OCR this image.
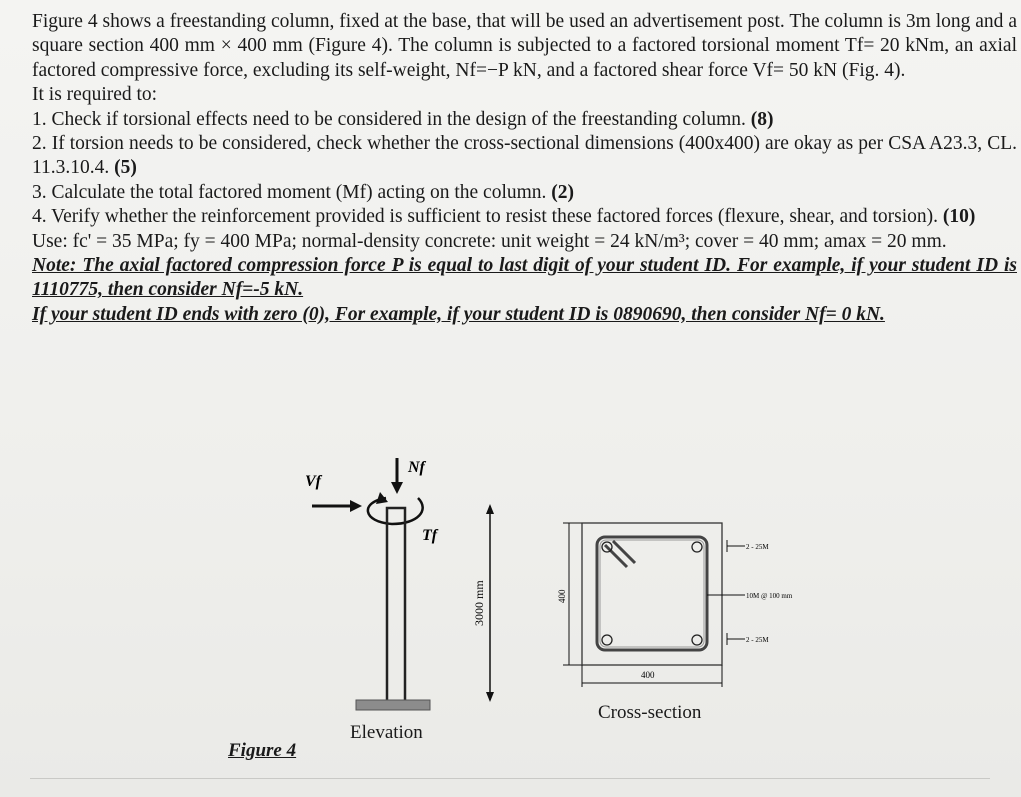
Figure 4 shows a freestanding column, fixed at the base, that will be used an advertisement post. The column is 3m long and a square section 400 mm × 400 mm (Figure 4). The column is subjected to a factored torsional moment Tf= 20 kNm, an axial factored compressive force, excluding its self-weight, Nf=−P kN, and a factored shear force Vf= 50 kN (Fig. 4).

It is required to:

1. Check if torsional effects need to be considered in the design of the freestanding column. (8)

2. If torsion needs to be considered, check whether the cross-sectional dimensions (400x400) are okay as per CSA A23.3, CL. 11.3.10.4. (5)

3. Calculate the total factored moment (Mf) acting on the column. (2)

4. Verify whether the reinforcement provided is sufficient to resist these factored forces (flexure, shear, and torsion). (10)

Use: fc' = 35 MPa; fy = 400 MPa; normal-density concrete: unit weight = 24 kN/m³; cover = 40 mm; amax = 20 mm.

Note: The axial factored compression force P is equal to last digit of your student ID. For example, if your student ID is 1110775, then consider Nf=-5 kN.

If your student ID ends with zero (0), For example, if your student ID is 0890690, then consider Nf= 0 kN.

Vf
Nf
Tf
3000 mm
Elevation
400
400
2 - 25M
10M @ 100 mm
2 - 25M
Cross-section
Figure 4
